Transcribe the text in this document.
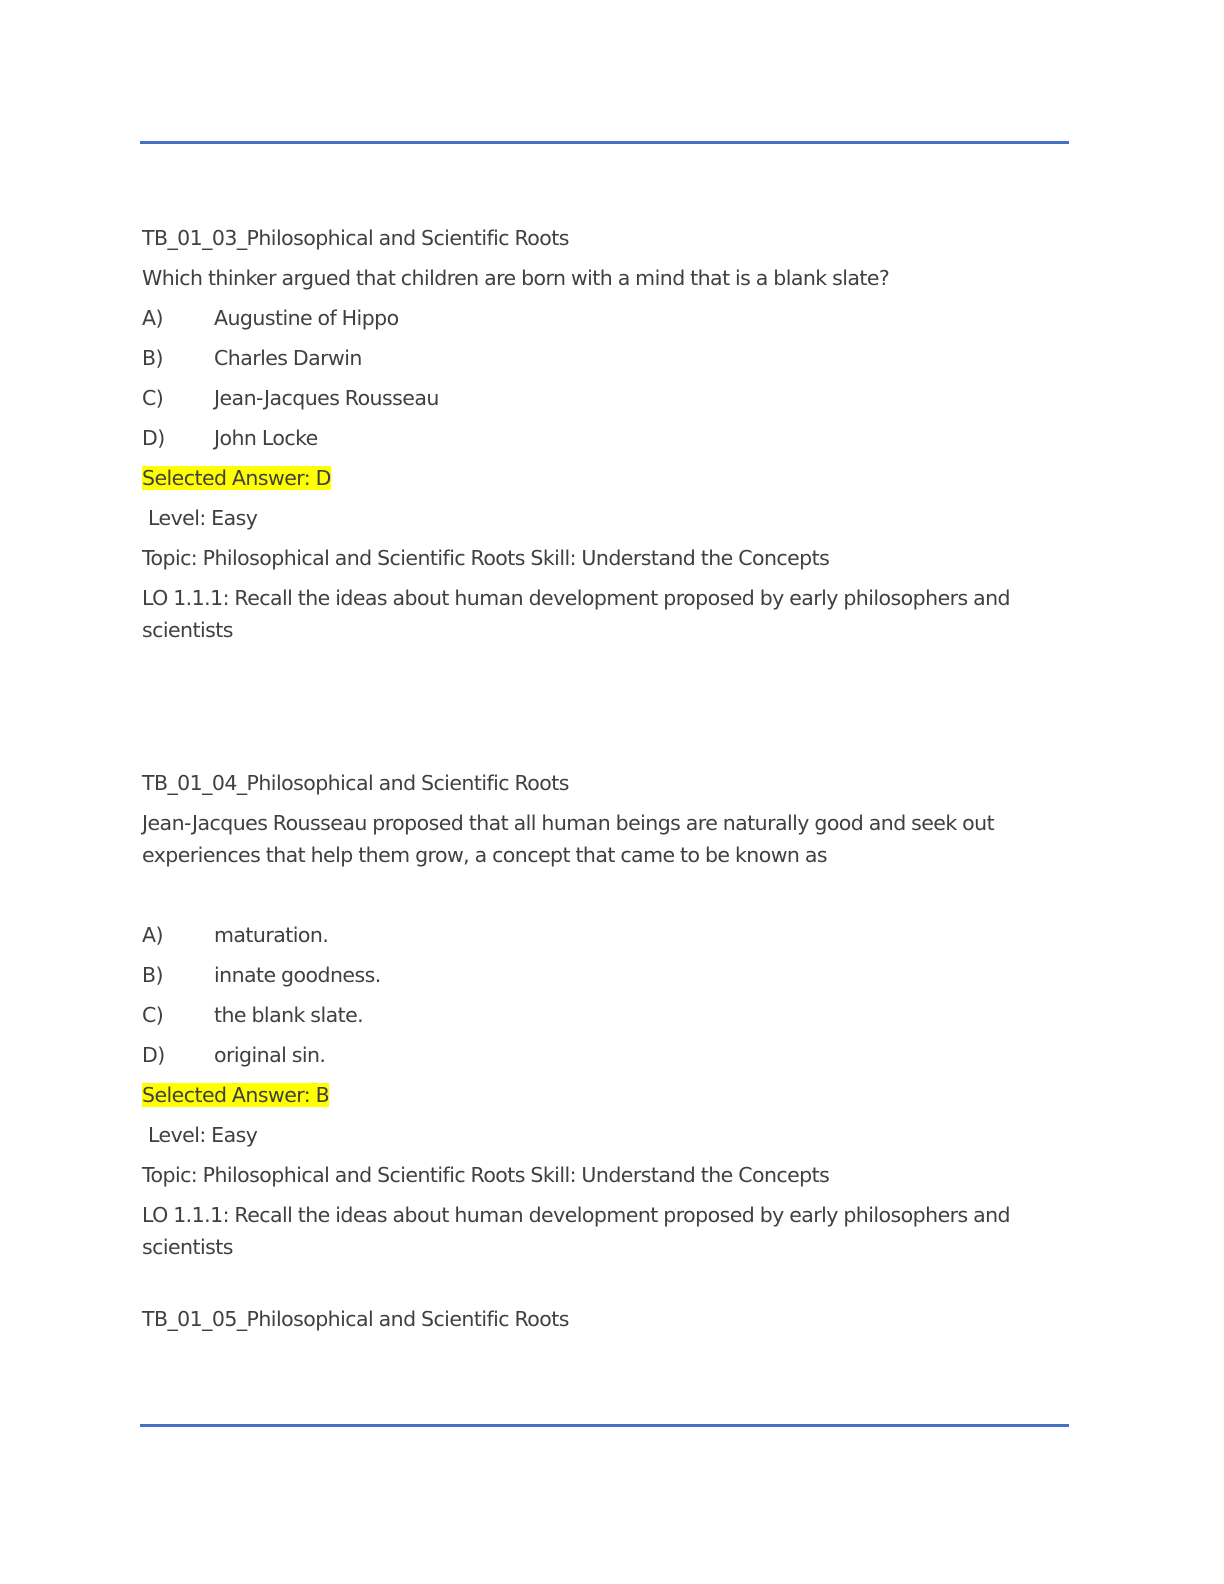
TB_01_03_Philosophical and Scientific Roots
Which thinker argued that children are born with a mind that is a blank slate?
A)	Augustine of Hippo
B)	Charles Darwin
C)	Jean-Jacques Rousseau
D)	John Locke
Selected Answer: D
Level: Easy
Topic: Philosophical and Scientific Roots Skill: Understand the Concepts
LO 1.1.1: Recall the ideas about human development proposed by early philosophers and scientists
TB_01_04_Philosophical and Scientific Roots
Jean-Jacques Rousseau proposed that all human beings are naturally good and seek out experiences that help them grow, a concept that came to be known as
A)	maturation.
B)	innate goodness.
C)	the blank slate.
D)	original sin.
Selected Answer: B
Level: Easy
Topic: Philosophical and Scientific Roots Skill: Understand the Concepts
LO 1.1.1: Recall the ideas about human development proposed by early philosophers and scientists
TB_01_05_Philosophical and Scientific Roots
